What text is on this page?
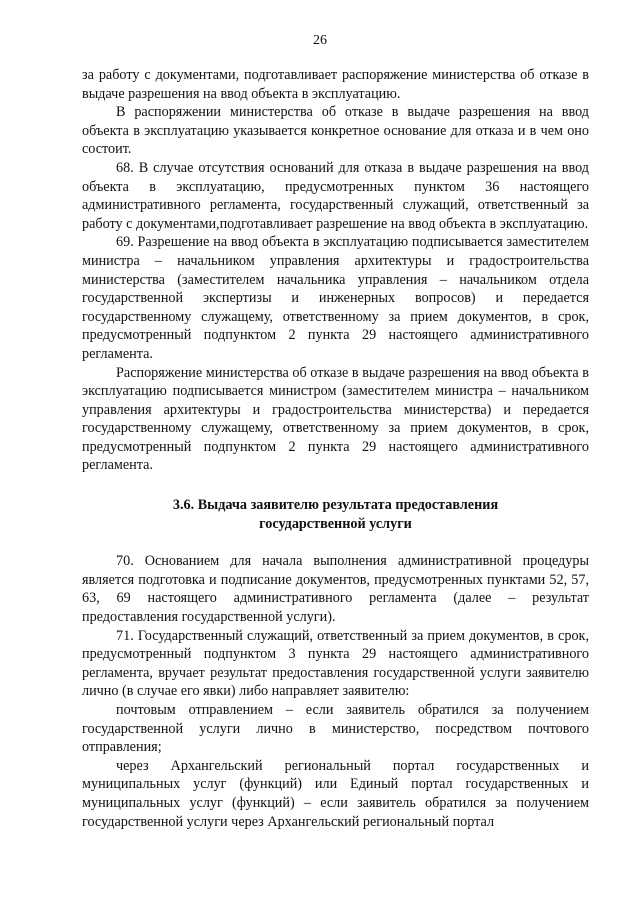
26

за работу с документами, подготавливает распоряжение министерства об отказе в выдаче разрешения на ввод объекта в эксплуатацию.

В распоряжении министерства об отказе в выдаче разрешения на ввод объекта в эксплуатацию указывается конкретное основание для отказа и в чем оно состоит.

68. В случае отсутствия оснований для отказа в выдаче разрешения на ввод объекта в эксплуатацию, предусмотренных пунктом 36 настоящего административного регламента, государственный служащий, ответственный за работу с документами,подготавливает разрешение на ввод объекта в эксплуатацию.

69. Разрешение на ввод объекта в эксплуатацию подписывается заместителем министра – начальником управления архитектуры и градостроительства министерства (заместителем начальника управления – начальником отдела государственной экспертизы и инженерных вопросов) и передается государственному служащему, ответственному за прием документов, в срок, предусмотренный подпунктом 2 пункта 29 настоящего административного регламента.

Распоряжение министерства об отказе в выдаче разрешения на ввод объекта в эксплуатацию подписывается министром (заместителем министра – начальником управления архитектуры и градостроительства министерства) и передается государственному служащему, ответственному за прием документов, в срок, предусмотренный подпунктом 2 пункта 29 настоящего административного регламента.

3.6. Выдача заявителю результата предоставления
государственной услуги

70. Основанием для начала выполнения административной процедуры является подготовка и подписание документов, предусмотренных пунктами 52, 57, 63, 69 настоящего административного регламента (далее – результат предоставления государственной услуги).

71. Государственный служащий, ответственный за прием документов, в срок, предусмотренный подпунктом 3 пункта 29 настоящего административного регламента, вручает результат предоставления государственной услуги заявителю лично (в случае его явки) либо направляет заявителю:

почтовым отправлением – если заявитель обратился за получением государственной услуги лично в министерство, посредством почтового отправления;

через Архангельский региональный портал государственных и муниципальных услуг (функций) или Единый портал государственных и муниципальных услуг (функций) – если заявитель обратился за получением государственной услуги через Архангельский региональный портал
